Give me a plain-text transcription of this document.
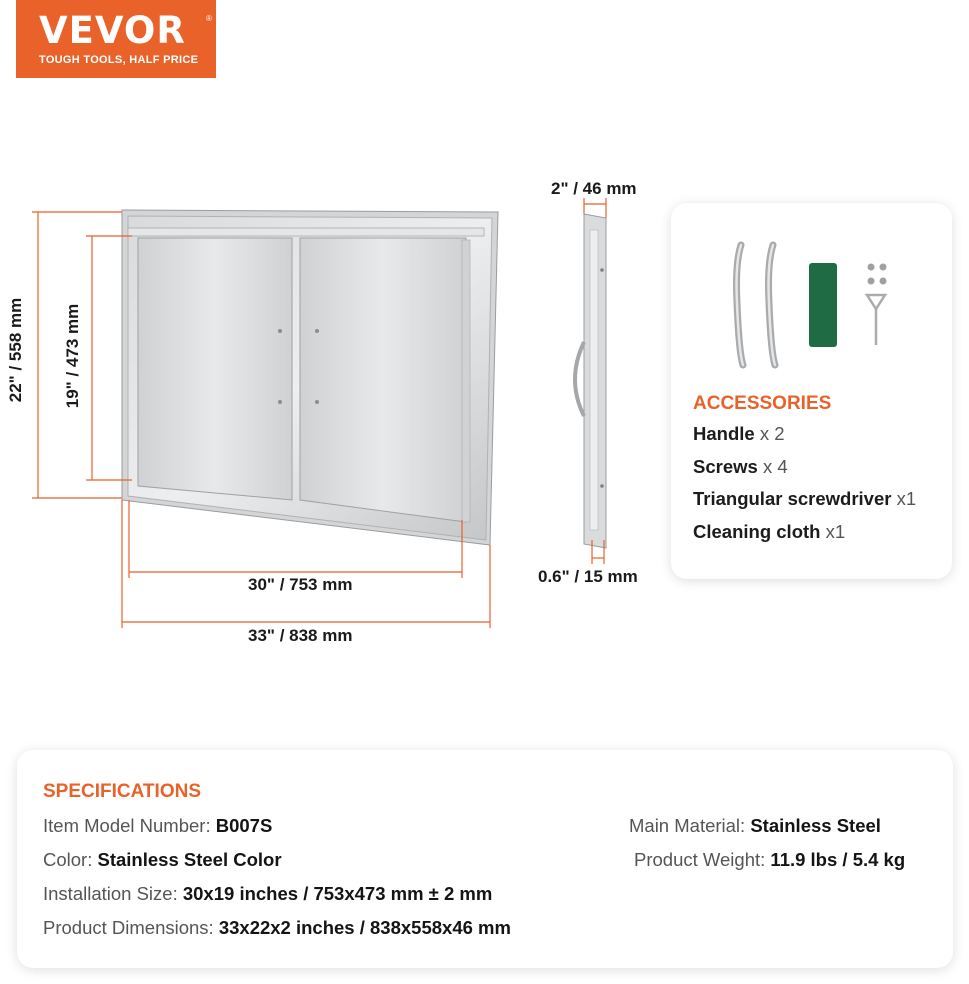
VEVOR	®
TOUGH TOOLS, HALF PRICE
22" / 558 mm 19" / 473 mm
30" / 753 mm
33" / 838 mm
2" / 46 mm
0.6" / 15 mm
ACCESSORIES
Handle x 2
Screws x 4
Triangular screwdriver x1
Cleaning cloth x1
SPECIFICATIONS
Item Model Number: B007S
Color: Stainless Steel Color
Installation Size: 30x19 inches / 753x473 mm ± 2 mm
Product Dimensions: 33x22x2 inches / 838x558x46 mm
Main Material: Stainless Steel
Product Weight: 11.9 lbs / 5.4 kg
